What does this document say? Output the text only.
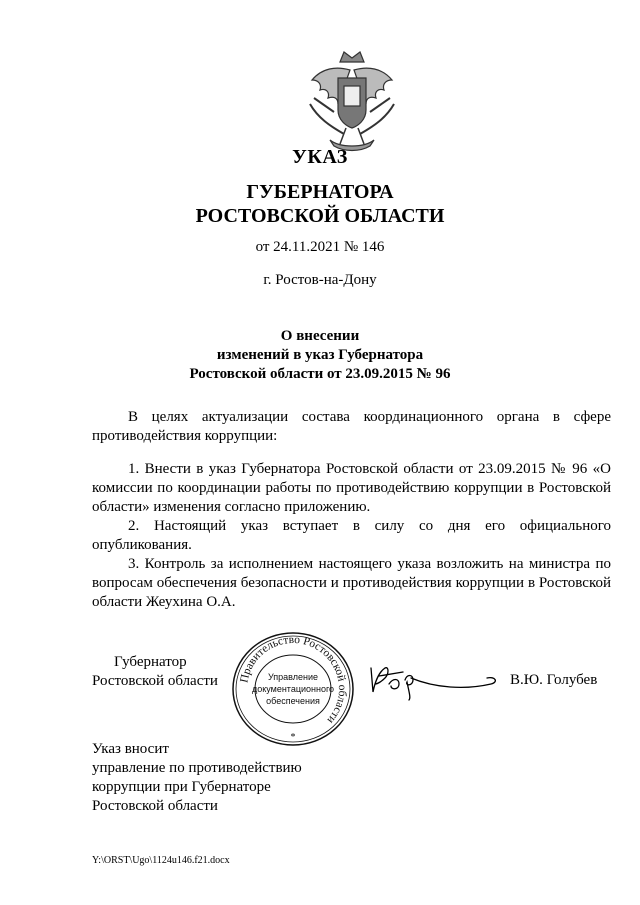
УКАЗ
ГУБЕРНАТОРА
РОСТОВСКОЙ ОБЛАСТИ
от 24.11.2021 № 146
г. Ростов-на-Дону
О внесении
изменений в указ Губернатора
Ростовской области от 23.09.2015 № 96

В целях актуализации состава координационного органа в сфере противодействия коррупции:

1. Внести в указ Губернатора Ростовской области от 23.09.2015 № 96 «О комиссии по координации работы по противодействию коррупции в Ростовской области» изменения согласно приложению.

2. Настоящий указ вступает в силу со дня его официального опубликования.

3. Контроль за исполнением настоящего указа возложить на министра по вопросам обеспечения безопасности и противодействия коррупции в Ростовской области Жеухина О.А.

Губернатор
Ростовской области Правительство Ростовской области
Управление
документационного
обеспечения
*
В.Ю. Голубев
Указ вносит
управление по противодействию
коррупции при Губернаторе
Ростовской области
Y:\ORST\Ugo\1124u146.f21.docx
